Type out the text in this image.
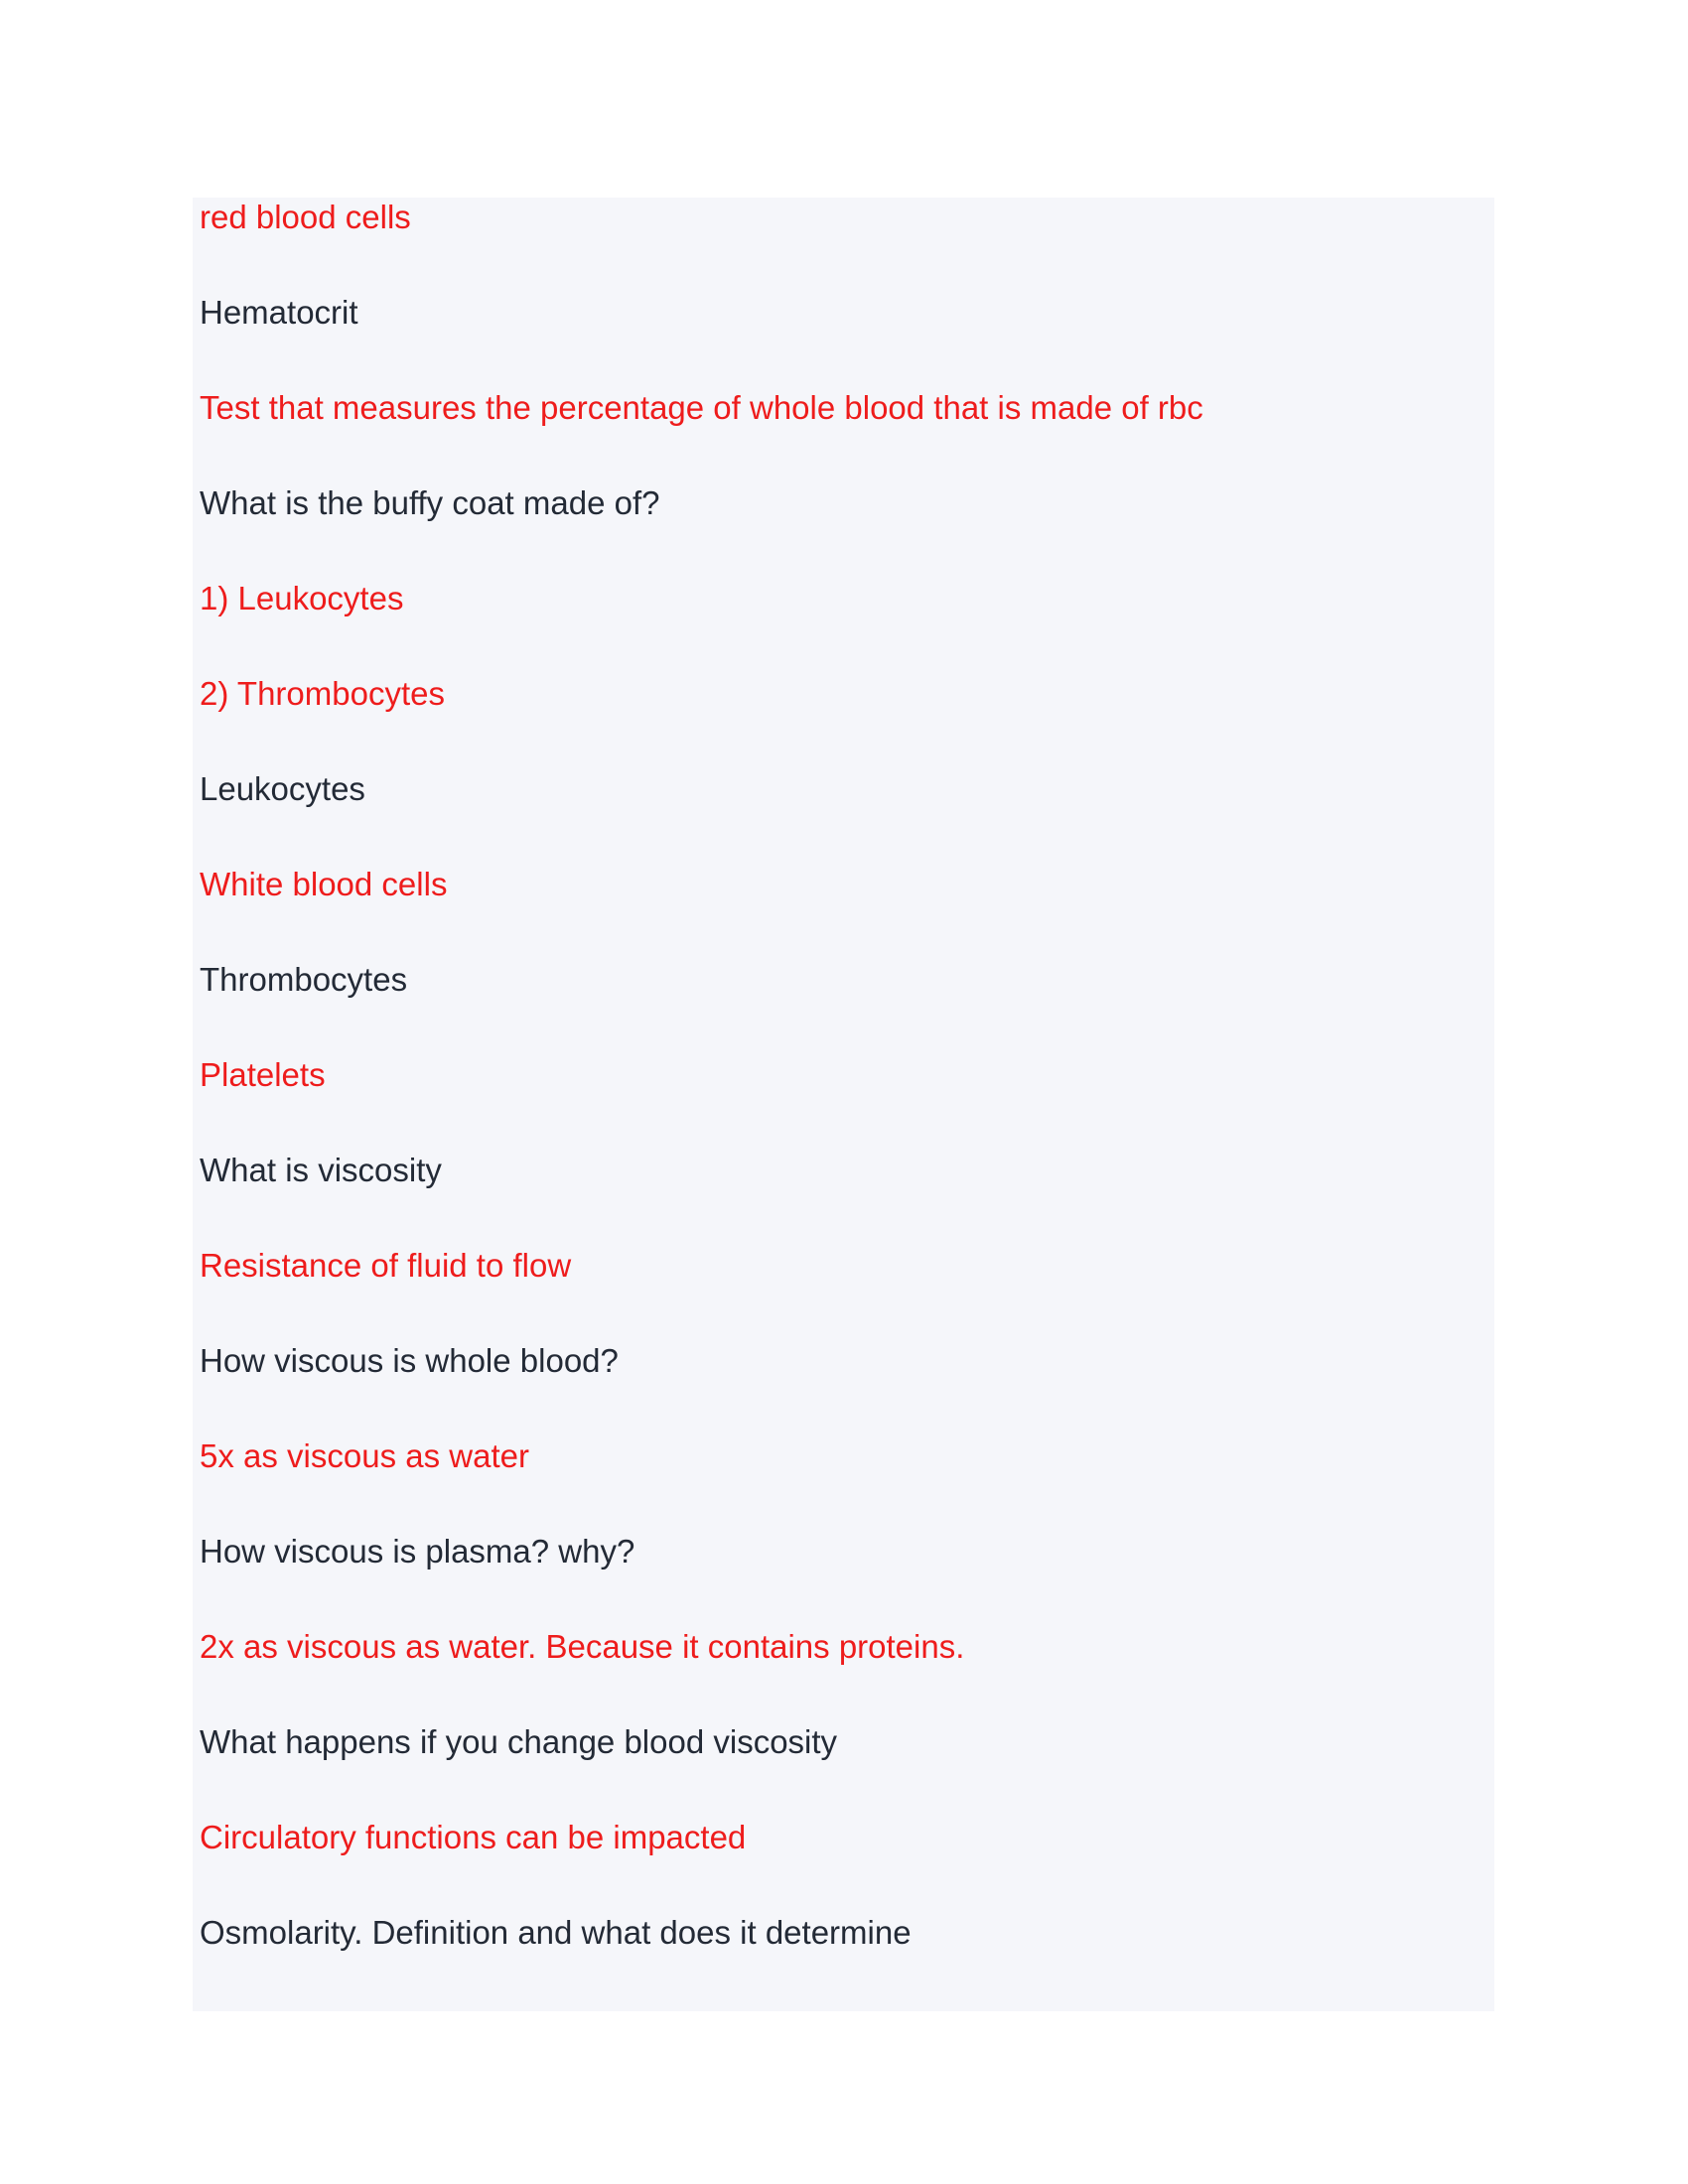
red blood cells
Hematocrit
Test that measures the percentage of whole blood that is made of rbc
What is the buffy coat made of?
1) Leukocytes
2) Thrombocytes
Leukocytes
White blood cells
Thrombocytes
Platelets
What is viscosity
Resistance of fluid to flow
How viscous is whole blood?
5x as viscous as water
How viscous is plasma? why?
2x as viscous as water. Because it contains proteins.
What happens if you change blood viscosity
Circulatory functions can be impacted
Osmolarity. Definition and what does it determine
